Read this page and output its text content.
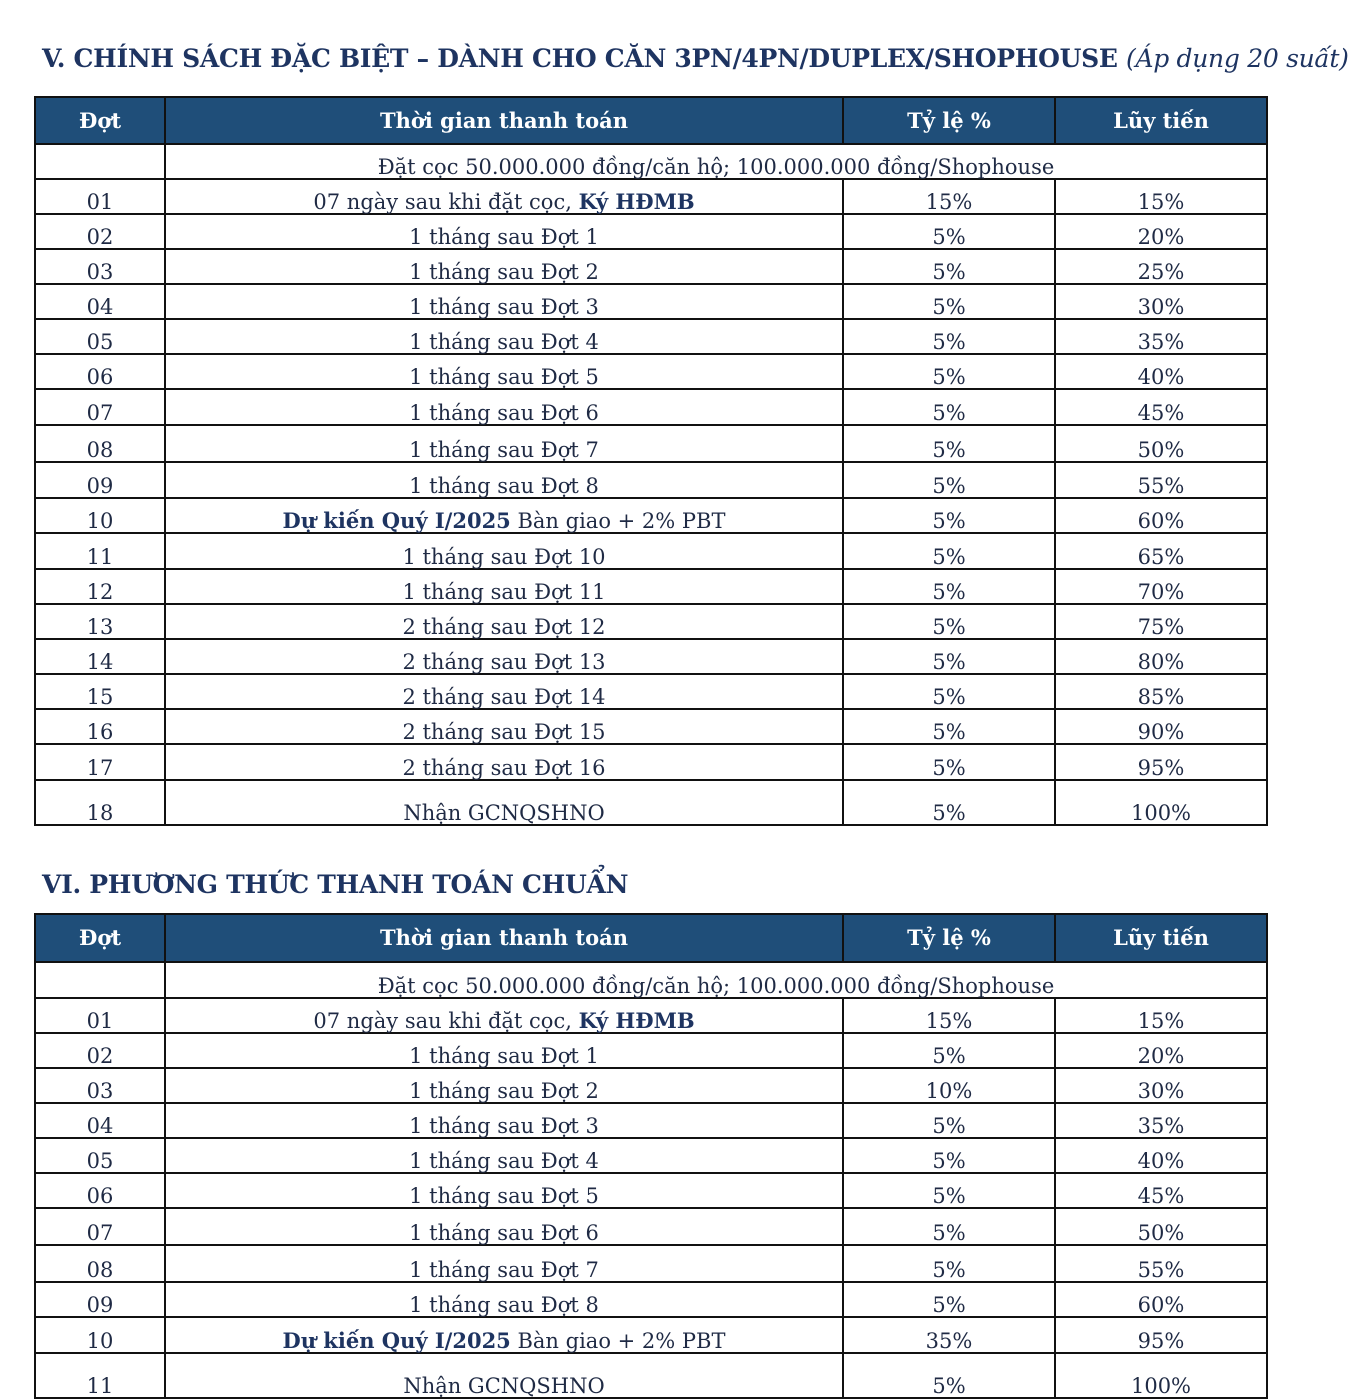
V. CHÍNH SÁCH ĐẶC BIỆT – DÀNH CHO CĂN 3PN/4PN/DUPLEX/SHOPHOUSE (Áp dụng 20 suất)
Đợt	Thời gian thanh toán	Tỷ lệ %	Lũy tiến
	Đặt cọc 50.000.000 đồng/căn hộ; 100.000.000 đồng/Shophouse		
01	07 ngày sau khi đặt cọc, Ký HĐMB	15%	15%
02	1 tháng sau Đợt 1	5%	20%
03	1 tháng sau Đợt 2	5%	25%
04	1 tháng sau Đợt 3	5%	30%
05	1 tháng sau Đợt 4	5%	35%
06	1 tháng sau Đợt 5	5%	40%
07	1 tháng sau Đợt 6	5%	45%
08	1 tháng sau Đợt 7	5%	50%
09	1 tháng sau Đợt 8	5%	55%
10	Dự kiến Quý I/2025 Bàn giao + 2% PBT	5%	60%
11	1 tháng sau Đợt 10	5%	65%
12	1 tháng sau Đợt 11	5%	70%
13	2 tháng sau Đợt 12	5%	75%
14	2 tháng sau Đợt 13	5%	80%
15	2 tháng sau Đợt 14	5%	85%
16	2 tháng sau Đợt 15	5%	90%
17	2 tháng sau Đợt 16	5%	95%
18	Nhận GCNQSHNO	5%	100%
VI. PHƯƠNG THỨC THANH TOÁN CHUẨN
Đợt	Thời gian thanh toán	Tỷ lệ %	Lũy tiến
	Đặt cọc 50.000.000 đồng/căn hộ; 100.000.000 đồng/Shophouse		
01	07 ngày sau khi đặt cọc, Ký HĐMB	15%	15%
02	1 tháng sau Đợt 1	5%	20%
03	1 tháng sau Đợt 2	10%	30%
04	1 tháng sau Đợt 3	5%	35%
05	1 tháng sau Đợt 4	5%	40%
06	1 tháng sau Đợt 5	5%	45%
07	1 tháng sau Đợt 6	5%	50%
08	1 tháng sau Đợt 7	5%	55%
09	1 tháng sau Đợt 8	5%	60%
10	Dự kiến Quý I/2025 Bàn giao + 2% PBT	35%	95%
11	Nhận GCNQSHNO	5%	100%
